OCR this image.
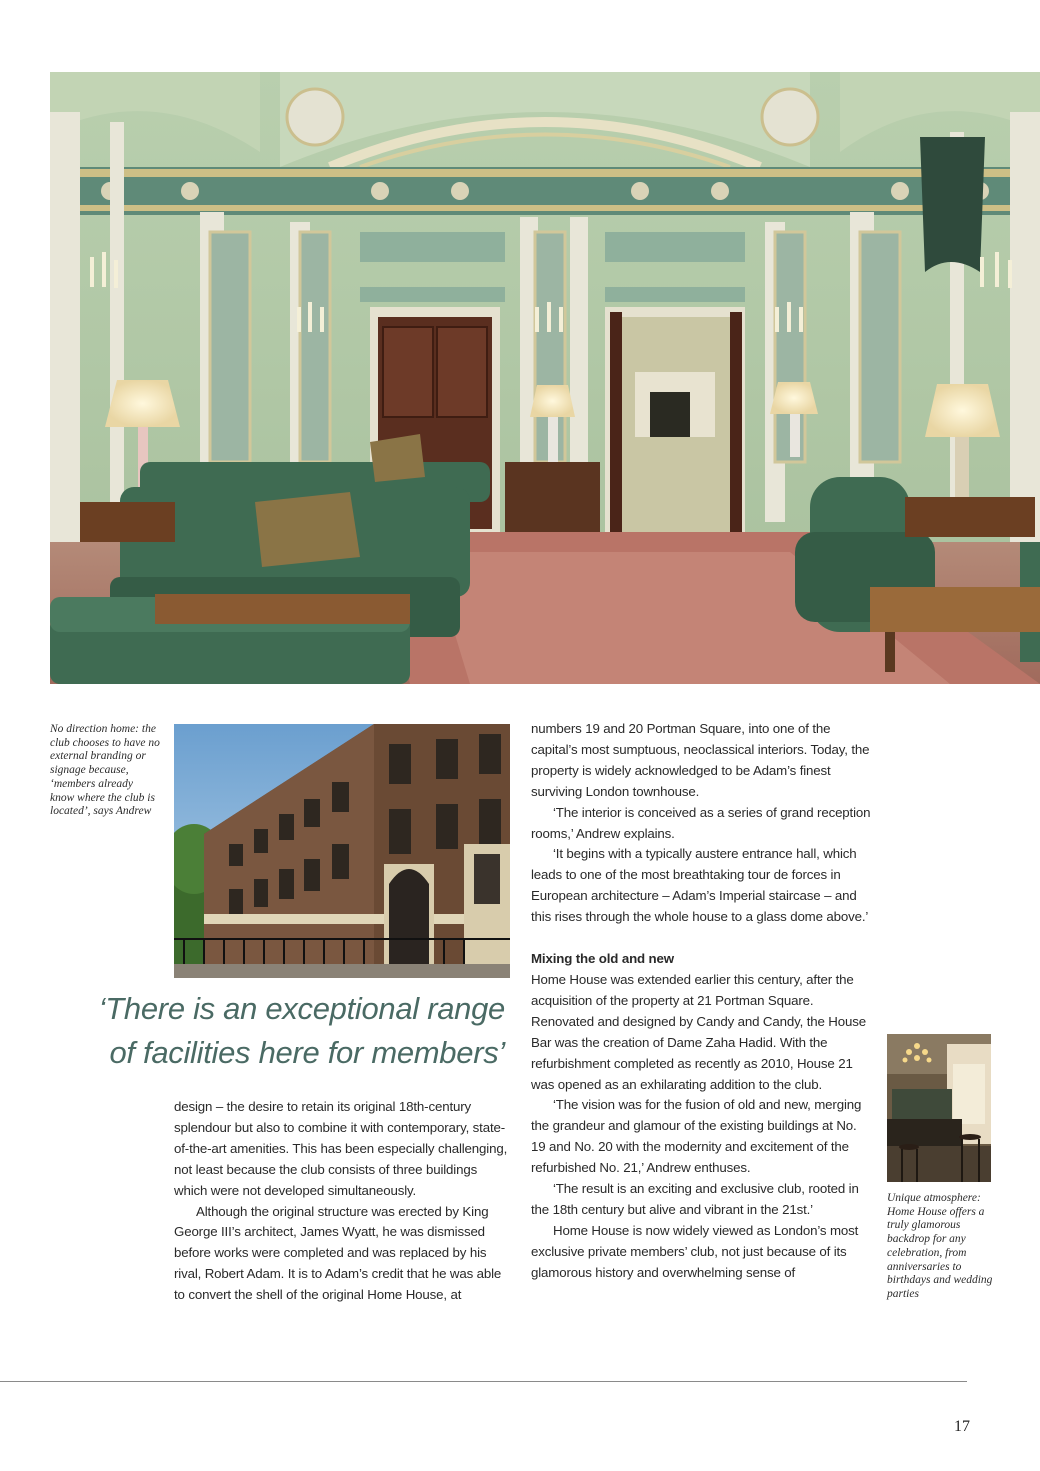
No direction home: the club chooses to have no external branding or signage because, ‘members already know where the club is located’, says Andrew
‘There is an exceptional range of facilities here for members’

design – the desire to retain its original 18th-century splendour but also to combine it with contemporary, state-of-the-art amenities. This has been especially challenging, not least because the club consists of three buildings which were not developed simultaneously.

Although the original structure was erected by King George III’s architect, James Wyatt, he was dismissed before works were completed and was replaced by his rival, Robert Adam. It is to Adam’s credit that he was able to convert the shell of the original Home House, at

numbers 19 and 20 Portman Square, into one of the capital’s most sumptuous, neoclassical interiors. Today, the property is widely acknowledged to be Adam’s finest surviving London townhouse.

‘The interior is conceived as a series of grand reception rooms,’ Andrew explains.

‘It begins with a typically austere entrance hall, which leads to one of the most breathtaking tour de forces in European architecture – Adam’s Imperial staircase – and this rises through the whole house to a glass dome above.’

Mixing the old and new

Home House was extended earlier this century, after the acquisition of the property at 21 Portman Square. Renovated and designed by Candy and Candy, the House Bar was the creation of Dame Zaha Hadid. With the refurbishment completed as recently as 2010, House 21 was opened as an exhilarating addition to the club.

‘The vision was for the fusion of old and new, merging the grandeur and glamour of the existing buildings at No. 19 and No. 20 with the modernity and excitement of the refurbished No. 21,’ Andrew enthuses.

‘The result is an exciting and exclusive club, rooted in the 18th century but alive and vibrant in the 21st.’

Home House is now widely viewed as London’s most exclusive private members’ club, not just because of its glamorous history and overwhelming sense of

Unique atmosphere: Home House offers a truly glamorous backdrop for any celebration, from anniversaries to birthdays and wedding parties
17
